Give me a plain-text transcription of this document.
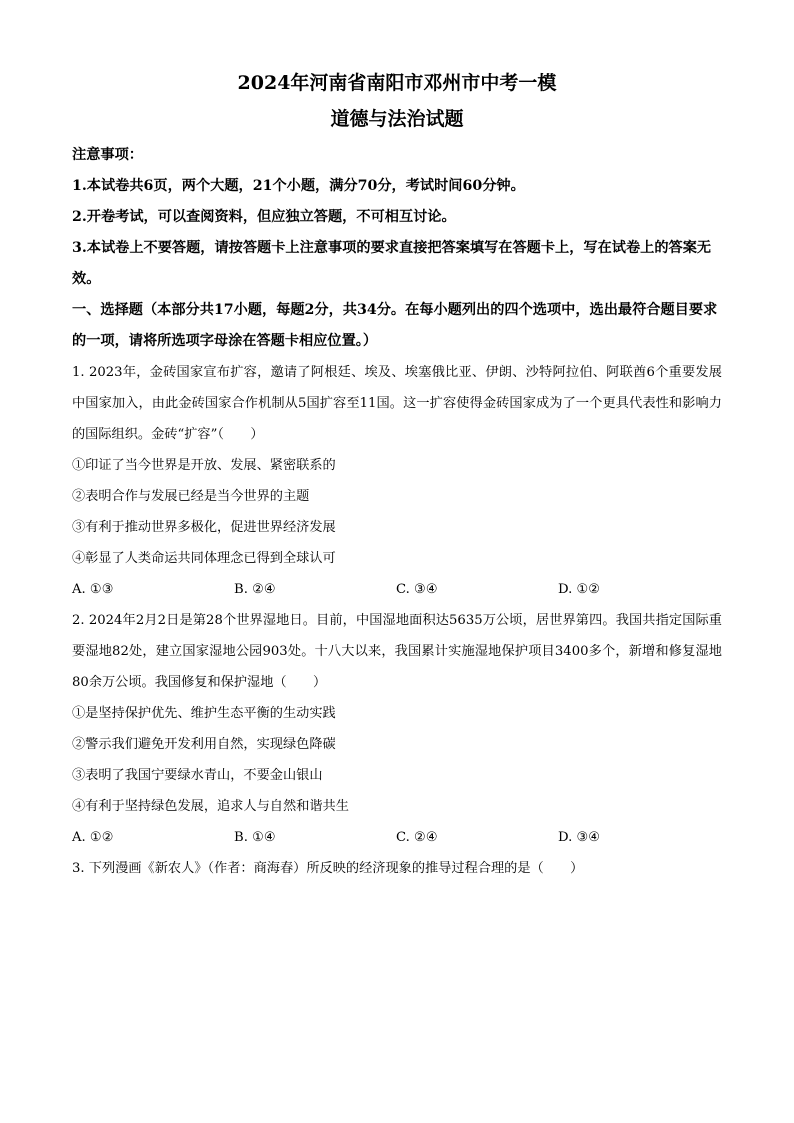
2024年河南省南阳市邓州市中考一模
道德与法治试题

注意事项：

1.本试卷共6页，两个大题，21个小题，满分70分，考试时间60分钟。

2.开卷考试，可以查阅资料，但应独立答题，不可相互讨论。

3.本试卷上不要答题，请按答题卡上注意事项的要求直接把答案填写在答题卡上，写在试卷上的答案无效。

一、选择题（本部分共17小题，每题2分，共34分。在每小题列出的四个选项中，选出最符合题目要求的一项，请将所选项字母涂在答题卡相应位置。）

1. 2023年，金砖国家宣布扩容，邀请了阿根廷、埃及、埃塞俄比亚、伊朗、沙特阿拉伯、阿联酋6个重要发展中国家加入，由此金砖国家合作机制从5国扩容至11国。这一扩容使得金砖国家成为了一个更具代表性和影响力的国际组织。金砖“扩容”（　　）

①印证了当今世界是开放、发展、紧密联系的

②表明合作与发展已经是当今世界的主题

③有利于推动世界多极化，促进世界经济发展

④彰显了人类命运共同体理念已得到全球认可

A. ①③	B. ②④	C. ③④	D. ①②

2. 2024年2月2日是第28个世界湿地日。目前，中国湿地面积达5635万公顷，居世界第四。我国共指定国际重要湿地82处，建立国家湿地公园903处。十八大以来，我国累计实施湿地保护项目3400多个，新增和修复湿地80余万公顷。我国修复和保护湿地（　　）

①是坚持保护优先、维护生态平衡的生动实践

②警示我们避免开发利用自然，实现绿色降碳

③表明了我国宁要绿水青山，不要金山银山

④有利于坚持绿色发展，追求人与自然和谐共生

A. ①②	B. ①④	C. ②④	D. ③④

3. 下列漫画《新农人》（作者：商海春）所反映的经济现象的推导过程合理的是（　　）
